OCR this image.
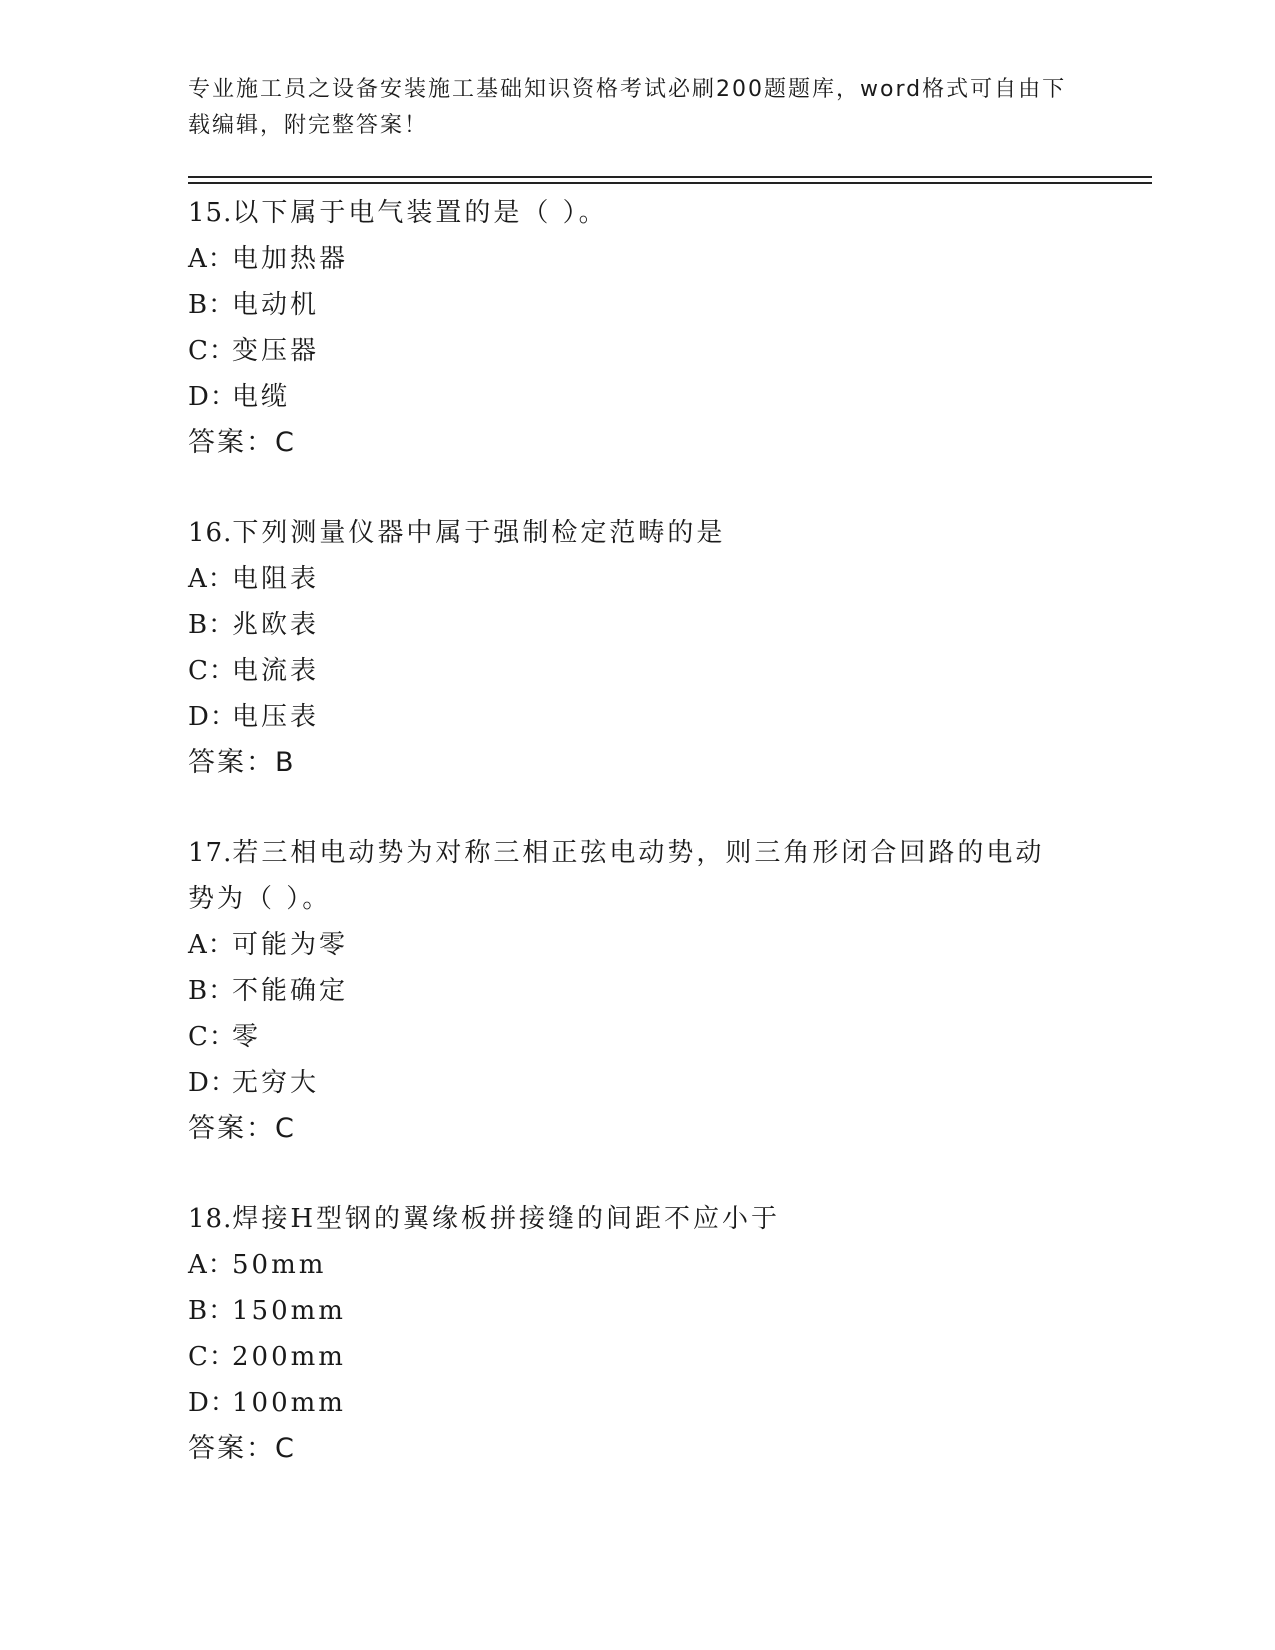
专业施工员之设备安装施工基础知识资格考试必刷200题题库，word格式可自由下载编辑，附完整答案！
15.以下属于电气装置的是（ ）。
A：电加热器
B：电动机
C：变压器
D：电缆
答案：C
16.下列测量仪器中属于强制检定范畴的是
A：电阻表
B：兆欧表
C：电流表
D：电压表
答案：B
17.若三相电动势为对称三相正弦电动势，则三角形闭合回路的电动势为（ ）。
A：可能为零
B：不能确定
C：零
D：无穷大
答案：C
18.焊接H型钢的翼缘板拼接缝的间距不应小于
A：50mm
B：150mm
C：200mm
D：100mm
答案：C
